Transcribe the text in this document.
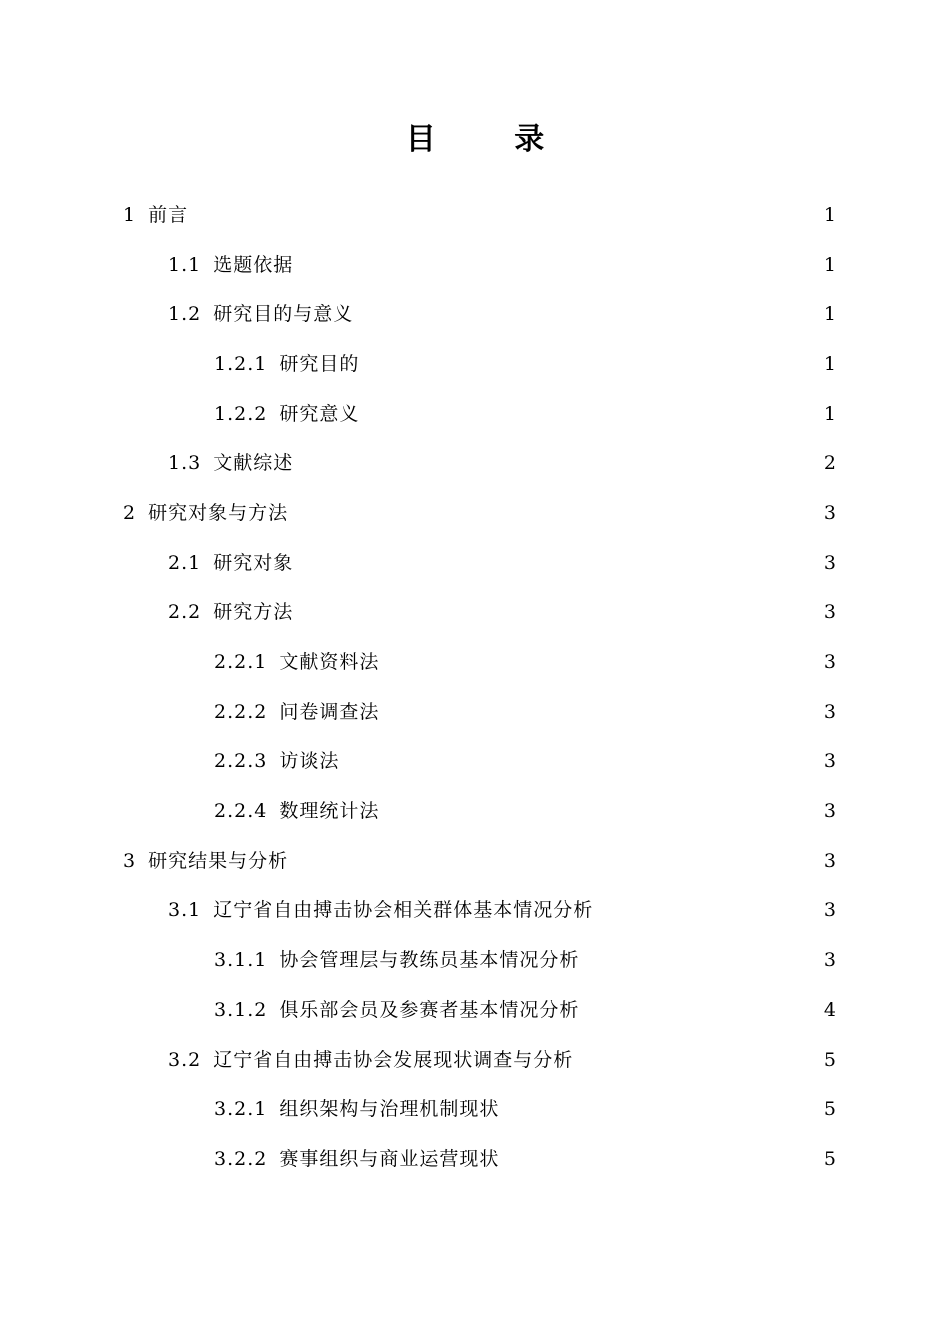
目 录
1 前言	1
1.1 选题依据	1
1.2 研究目的与意义	1
1.2.1 研究目的	1
1.2.2 研究意义	1
1.3 文献综述	2
2 研究对象与方法	3
2.1 研究对象	3
2.2 研究方法	3
2.2.1 文献资料法	3
2.2.2 问卷调查法	3
2.2.3 访谈法	3
2.2.4 数理统计法	3
3 研究结果与分析	3
3.1 辽宁省自由搏击协会相关群体基本情况分析	3
3.1.1 协会管理层与教练员基本情况分析	3
3.1.2 俱乐部会员及参赛者基本情况分析	4
3.2 辽宁省自由搏击协会发展现状调查与分析	5
3.2.1 组织架构与治理机制现状	5
3.2.2 赛事组织与商业运营现状	5
